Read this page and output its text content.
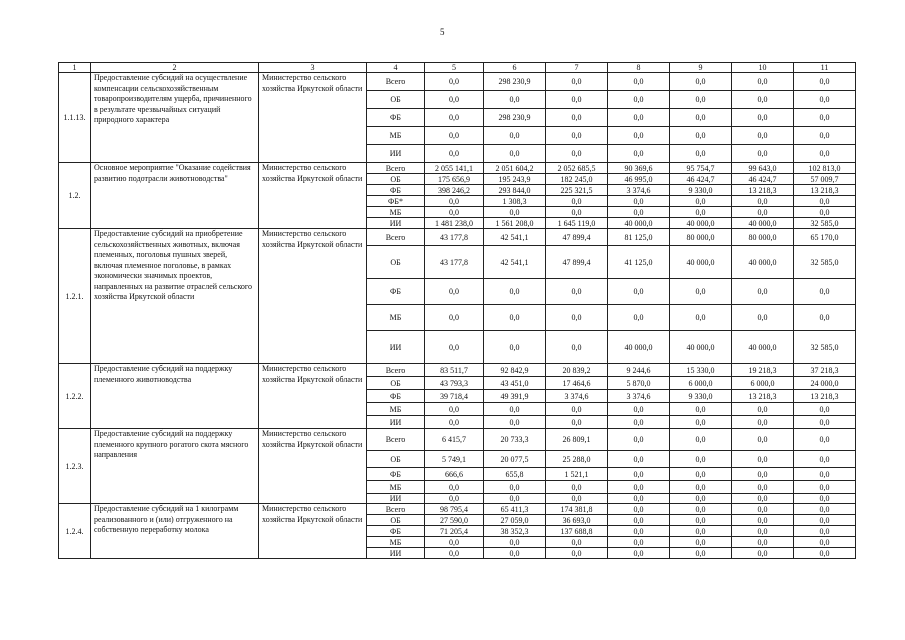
5
1	2	3	4	5	6	7	8	9	10	11
1.1.13.	Предоставление субсидий на осуществление компенсации сельскохозяйственным товаропроизводителям ущерба, причиненного в результате чрезвычайных ситуаций природного характера	Министерство сельского хозяйства Иркутской области	Всего	0,0	298 230,9	0,0	0,0	0,0	0,0	0,0
			ОБ	0,0	0,0	0,0	0,0	0,0	0,0	0,0
			ФБ	0,0	298 230,9	0,0	0,0	0,0	0,0	0,0
			МБ	0,0	0,0	0,0	0,0	0,0	0,0	0,0
			ИИ	0,0	0,0	0,0	0,0	0,0	0,0	0,0
1.2.	Основное мероприятие "Оказание содействия развитию подотрасли животноводства"	Министерство сельского хозяйства Иркутской области	Всего	2 055 141,1	2 051 604,2	2 052 685,5	90 369,6	95 754,7	99 643,0	102 813,0
			ОБ	175 656,9	195 243,9	182 245,0	46 995,0	46 424,7	46 424,7	57 009,7
			ФБ	398 246,2	293 844,0	225 321,5	3 374,6	9 330,0	13 218,3	13 218,3
			ФБ*	0,0	1 308,3	0,0	0,0	0,0	0,0	0,0
			МБ	0,0	0,0	0,0	0,0	0,0	0,0	0,0
			ИИ	1 481 238,0	1 561 208,0	1 645 119,0	40 000,0	40 000,0	40 000,0	32 585,0
1.2.1.	Предоставление субсидий на приобретение сельскохозяйственных животных, включая племенных, поголовья пушных зверей, включая племенное поголовье, в рамках экономически значимых проектов, направленных на развитие отраслей сельского хозяйства Иркутской области	Министерство сельского хозяйства Иркутской области	Всего	43 177,8	42 541,1	47 899,4	81 125,0	80 000,0	80 000,0	65 170,0
			ОБ	43 177,8	42 541,1	47 899,4	41 125,0	40 000,0	40 000,0	32 585,0
			ФБ	0,0	0,0	0,0	0,0	0,0	0,0	0,0
			МБ	0,0	0,0	0,0	0,0	0,0	0,0	0,0
			ИИ	0,0	0,0	0,0	40 000,0	40 000,0	40 000,0	32 585,0
1.2.2.	Предоставление субсидий на поддержку племенного животноводства	Министерство сельского хозяйства Иркутской области	Всего	83 511,7	92 842,9	20 839,2	9 244,6	15 330,0	19 218,3	37 218,3
			ОБ	43 793,3	43 451,0	17 464,6	5 870,0	6 000,0	6 000,0	24 000,0
			ФБ	39 718,4	49 391,9	3 374,6	3 374,6	9 330,0	13 218,3	13 218,3
			МБ	0,0	0,0	0,0	0,0	0,0	0,0	0,0
			ИИ	0,0	0,0	0,0	0,0	0,0	0,0	0,0
1.2.3.	Предоставление субсидий на поддержку племенного крупного рогатого скота мясного направления	Министерство сельского хозяйства Иркутской области	Всего	6 415,7	20 733,3	26 809,1	0,0	0,0	0,0	0,0
			ОБ	5 749,1	20 077,5	25 288,0	0,0	0,0	0,0	0,0
			ФБ	666,6	655,8	1 521,1	0,0	0,0	0,0	0,0
			МБ	0,0	0,0	0,0	0,0	0,0	0,0	0,0
			ИИ	0,0	0,0	0,0	0,0	0,0	0,0	0,0
1.2.4.	Предоставление субсидий на 1 килограмм реализованного и (или) отгруженного на собственную переработку молока	Министерство сельского хозяйства Иркутской области	Всего	98 795,4	65 411,3	174 381,8	0,0	0,0	0,0	0,0
			ОБ	27 590,0	27 059,0	36 693,0	0,0	0,0	0,0	0,0
			ФБ	71 205,4	38 352,3	137 688,8	0,0	0,0	0,0	0,0
			МБ	0,0	0,0	0,0	0,0	0,0	0,0	0,0
			ИИ	0,0	0,0	0,0	0,0	0,0	0,0	0,0
